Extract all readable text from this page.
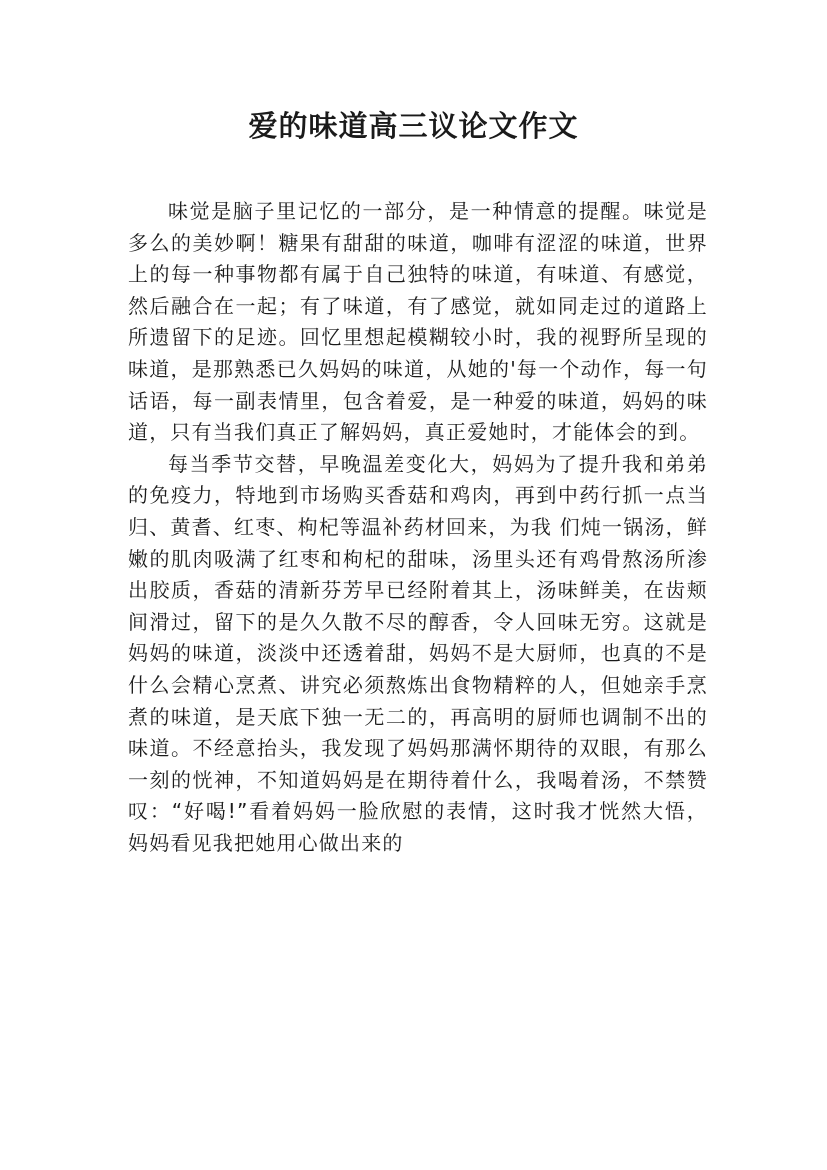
爱的味道高三议论文作文

味觉是脑子里记忆的一部分，是一种情意的提醒。味觉是多么的美妙啊！糖果有甜甜的味道，咖啡有涩涩的味道，世界上的每一种事物都有属于自己独特的味道，有味道、有感觉，然后融合在一起；有了味道，有了感觉，就如同走过的道路上所遗留下的足迹。回忆里想起模糊较小时，我的视野所呈现的味道，是那熟悉已久妈妈的味道，从她的'每一个动作，每一句话语，每一副表情里，包含着爱，是一种爱的味道，妈妈的味道，只有当我们真正了解妈妈，真正爱她时，才能体会的到。

每当季节交替，早晚温差变化大，妈妈为了提升我和弟弟的免疫力，特地到市场购买香菇和鸡肉，再到中药行抓一点当归、黄耆、红枣、枸杞等温补药材回来，为我 们炖一锅汤，鲜嫩的肌肉吸满了红枣和枸杞的甜味，汤里头还有鸡骨熬汤所渗出胶质，香菇的清新芬芳早已经附着其上，汤味鲜美，在齿颊间滑过，留下的是久久散不尽的醇香，令人回味无穷。这就是妈妈的味道，淡淡中还透着甜，妈妈不是大厨师，也真的不是什么会精心烹煮、讲究必须熬炼出食物精粹的人，但她亲手烹煮的味道，是天底下独一无二的，再高明的厨师也调制不出的味道。不经意抬头，我发现了妈妈那满怀期待的双眼，有那么一刻的恍神，不知道妈妈是在期待着什么，我喝着汤，不禁赞叹：“好喝!”看着妈妈一脸欣慰的表情，这时我才恍然大悟，妈妈看见我把她用心做出来的
